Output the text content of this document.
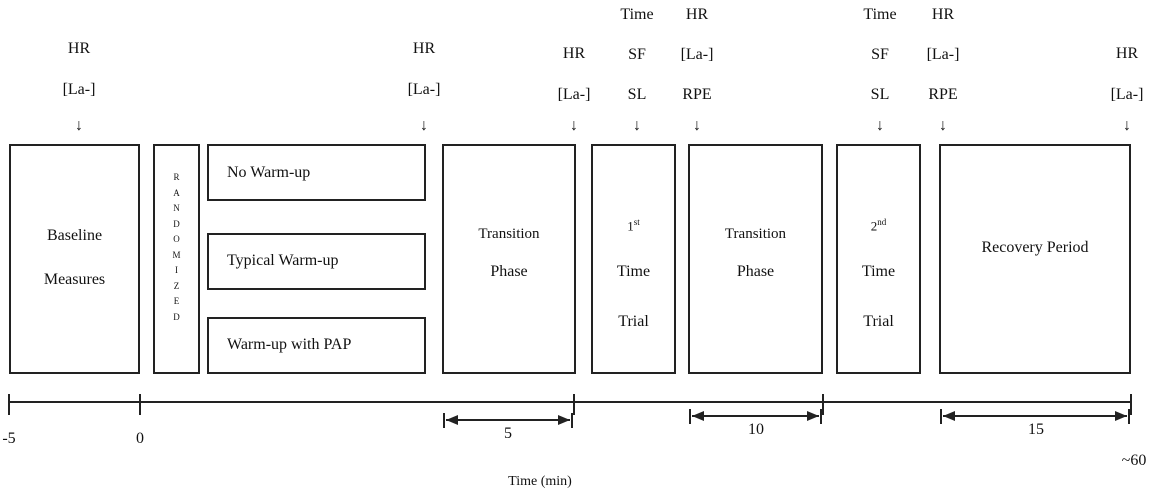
HR
[La-]
↓
HR
[La-]
↓
HR
[La-]
↓
Time
SF
SL
↓
HR
[La-]
RPE
↓
Time
SF
SL
↓
HR
[La-]
RPE
↓
HR
[La-]
↓
Baseline
Measures
R
A
N
D
O
M
I
Z
E
D
No Warm-up
Typical Warm-up
Warm-up with PAP
Transition
Phase
1st
Time
Trial
Transition
Phase
2nd
Time
Trial
Recovery Period
-5	0	5	10	15
~60
Time (min)
